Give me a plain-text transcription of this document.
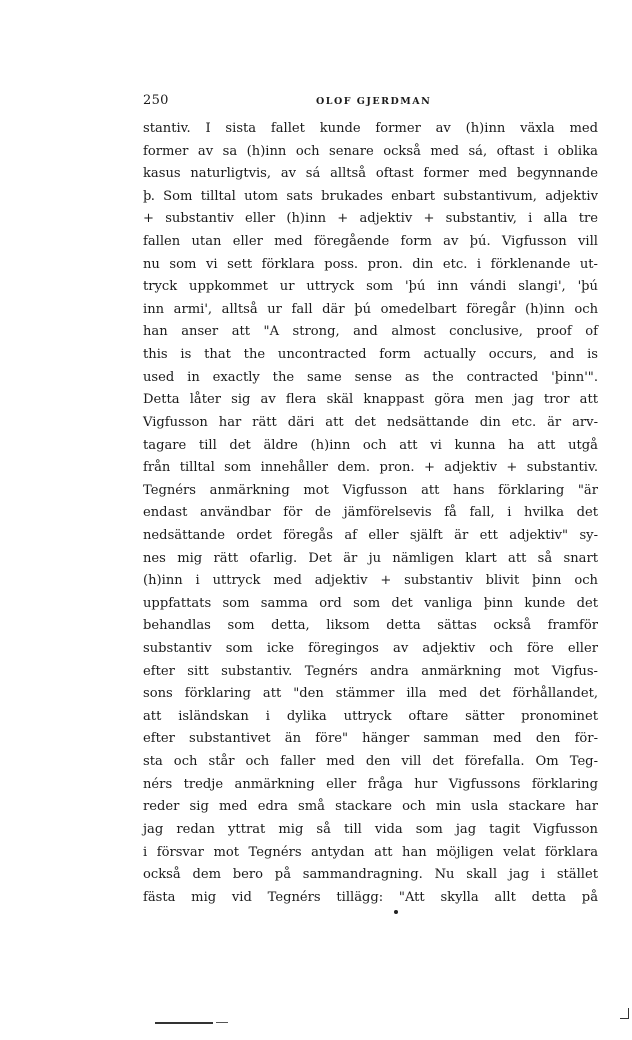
250	OLOF GJERDMAN
stantiv. I sista fallet kunde former av (h)inn växla med
former av sa (h)inn och senare också med sá, oftast i oblika
kasus naturligtvis, av sá alltså oftast former med begynnande
þ. Som tilltal utom sats brukades enbart substantivum, adjektiv
+ substantiv eller (h)inn + adjektiv + substantiv, i alla tre
fallen utan eller med föregående form av þú. Vigfusson vill
nu som vi sett förklara poss. pron. din etc. i förklenande ut-
tryck uppkommet ur uttryck som 'þú inn vándi slangi', 'þú
inn armi', alltså ur fall där þú omedelbart föregår (h)inn och
han anser att "A strong, and almost conclusive, proof of
this is that the uncontracted form actually occurs, and is
used in exactly the same sense as the contracted 'þinn'".
Detta låter sig av flera skäl knappast göra men jag tror att
Vigfusson har rätt däri att det nedsättande din etc. är arv-
tagare till det äldre (h)inn och att vi kunna ha att utgå
från tilltal som innehåller dem. pron. + adjektiv + substantiv.
Tegnérs anmärkning mot Vigfusson att hans förklaring "är
endast användbar för de jämförelsevis få fall, i hvilka det
nedsättande ordet föregås af eller själft är ett adjektiv" sy-
nes mig rätt ofarlig. Det är ju nämligen klart att så snart
(h)inn i uttryck med adjektiv + substantiv blivit þinn och
uppfattats som samma ord som det vanliga þinn kunde det
behandlas som detta, liksom detta sättas också framför
substantiv som icke föregingos av adjektiv och före eller
efter sitt substantiv. Tegnérs andra anmärkning mot Vigfus-
sons förklaring att "den stämmer illa med det förhållandet,
att isländskan i dylika uttryck oftare sätter pronominet
efter substantivet än före" hänger samman med den för-
sta och står och faller med den vill det förefalla. Om Teg-
nérs tredje anmärkning eller fråga hur Vigfussons förklaring
reder sig med edra små stackare och min usla stackare har
jag redan yttrat mig så till vida som jag tagit Vigfusson
i försvar mot Tegnérs antydan att han möjligen velat förklara
också dem bero på sammandragning. Nu skall jag i stället
fästa mig vid Tegnérs tillägg: "Att skylla allt detta på
